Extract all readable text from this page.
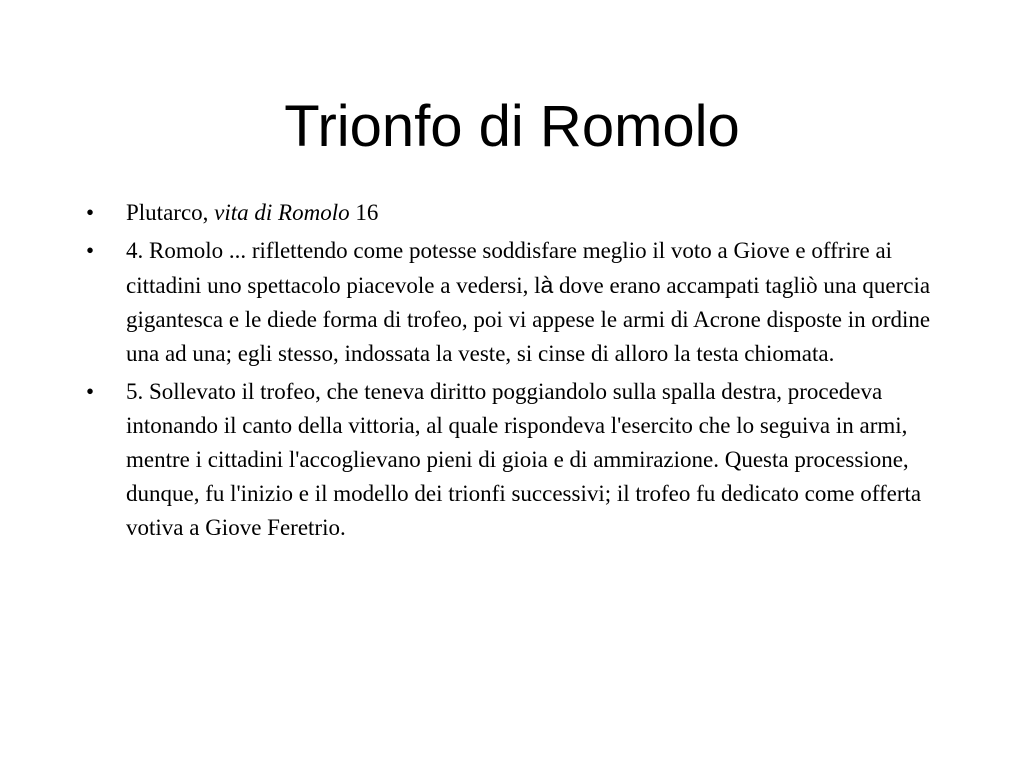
Trionfo di Romolo
• Plutarco, vita di Romolo 16
• 4. Romolo ... riflettendo come potesse soddisfare meglio il voto a Giove e offrire ai cittadini uno spettacolo piacevole a vedersi, là dove erano accampati tagliò una quercia gigantesca e le diede forma di trofeo, poi vi appese le armi di Acrone disposte in ordine una ad una; egli stesso, indossata la veste, si cinse di alloro la testa chiomata.
• 5. Sollevato il trofeo, che teneva diritto poggiandolo sulla spalla destra, procedeva intonando il canto della vittoria, al quale rispondeva l'esercito che lo seguiva in armi, mentre i cittadini l'accoglievano pieni di gioia e di ammirazione. Questa processione, dunque, fu l'inizio e il modello dei trionfi successivi; il trofeo fu dedicato come offerta votiva a Giove Feretrio.
